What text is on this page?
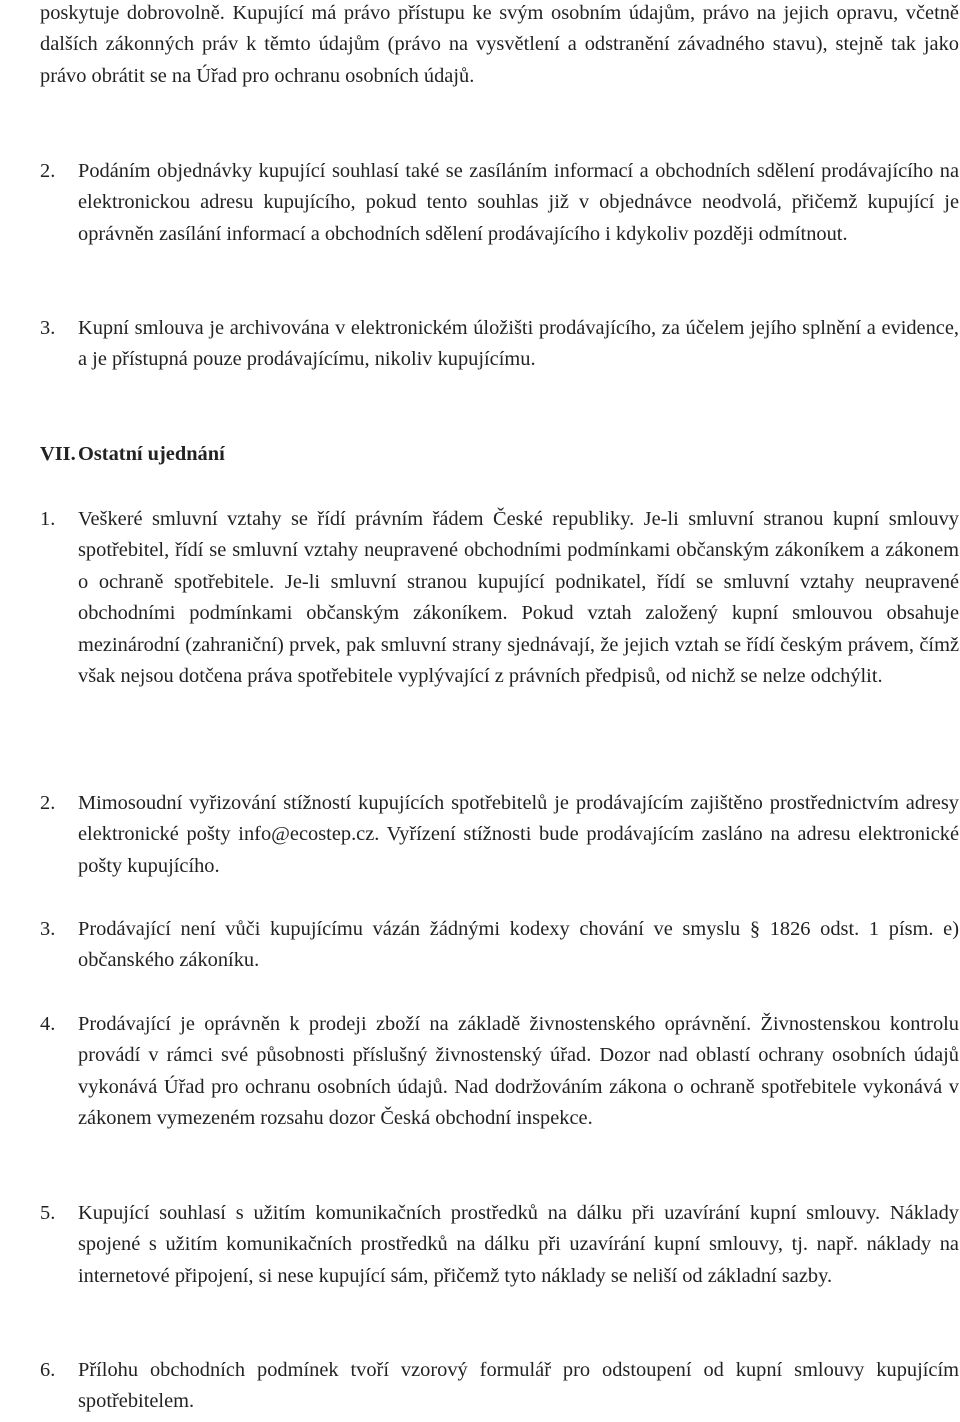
poskytuje dobrovolně. Kupující má právo přístupu ke svým osobním údajům, právo na jejich opravu, včetně dalších zákonných práv k těmto údajům (právo na vysvětlení a odstranění závadného stavu), stejně tak jako právo obrátit se na Úřad pro ochranu osobních údajů.

2.	Podáním objednávky kupující souhlasí také se zasíláním informací a obchodních sdělení prodávajícího na elektronickou adresu kupujícího, pokud tento souhlas již v objednávce neodvolá, přičemž kupující je oprávněn zasílání informací a obchodních sdělení prodávajícího i kdykoliv později odmítnout.
3.	Kupní smlouva je archivována v elektronickém úložišti prodávajícího, za účelem jejího splnění a evidence, a je přístupná pouze prodávajícímu, nikoliv kupujícímu.
VII. Ostatní ujednání
1.	Veškeré smluvní vztahy se řídí právním řádem České republiky. Je-li smluvní stranou kupní smlouvy spotřebitel, řídí se smluvní vztahy neupravené obchodními podmínkami občanským zákoníkem a zákonem o ochraně spotřebitele. Je-li smluvní stranou kupující podnikatel, řídí se smluvní vztahy neupravené obchodními podmínkami občanským zákoníkem. Pokud vztah založený kupní smlouvou obsahuje mezinárodní (zahraniční) prvek, pak smluvní strany sjednávají, že jejich vztah se řídí českým právem, čímž však nejsou dotčena práva spotřebitele vyplývající z právních předpisů, od nichž se nelze odchýlit.
2.	Mimosoudní vyřizování stížností kupujících spotřebitelů je prodávajícím zajištěno prostřednictvím adresy elektronické pošty info@ecostep.cz. Vyřízení stížnosti bude prodávajícím zasláno na adresu elektronické pošty kupujícího.
3.	Prodávající není vůči kupujícímu vázán žádnými kodexy chování ve smyslu § 1826 odst. 1 písm. e) občanského zákoníku.
4.	Prodávající je oprávněn k prodeji zboží na základě živnostenského oprávnění. Živnostenskou kontrolu provádí v rámci své působnosti příslušný živnostenský úřad. Dozor nad oblastí ochrany osobních údajů vykonává Úřad pro ochranu osobních údajů. Nad dodržováním zákona o ochraně spotřebitele vykonává v zákonem vymezeném rozsahu dozor Česká obchodní inspekce.
5.	Kupující souhlasí s užitím komunikačních prostředků na dálku při uzavírání kupní smlouvy. Náklady spojené s užitím komunikačních prostředků na dálku při uzavírání kupní smlouvy, tj. např. náklady na internetové připojení, si nese kupující sám, přičemž tyto náklady se neliší od základní sazby.
6.	Přílohu obchodních podmínek tvoří vzorový formulář pro odstoupení od kupní smlouvy kupujícím spotřebitelem.
